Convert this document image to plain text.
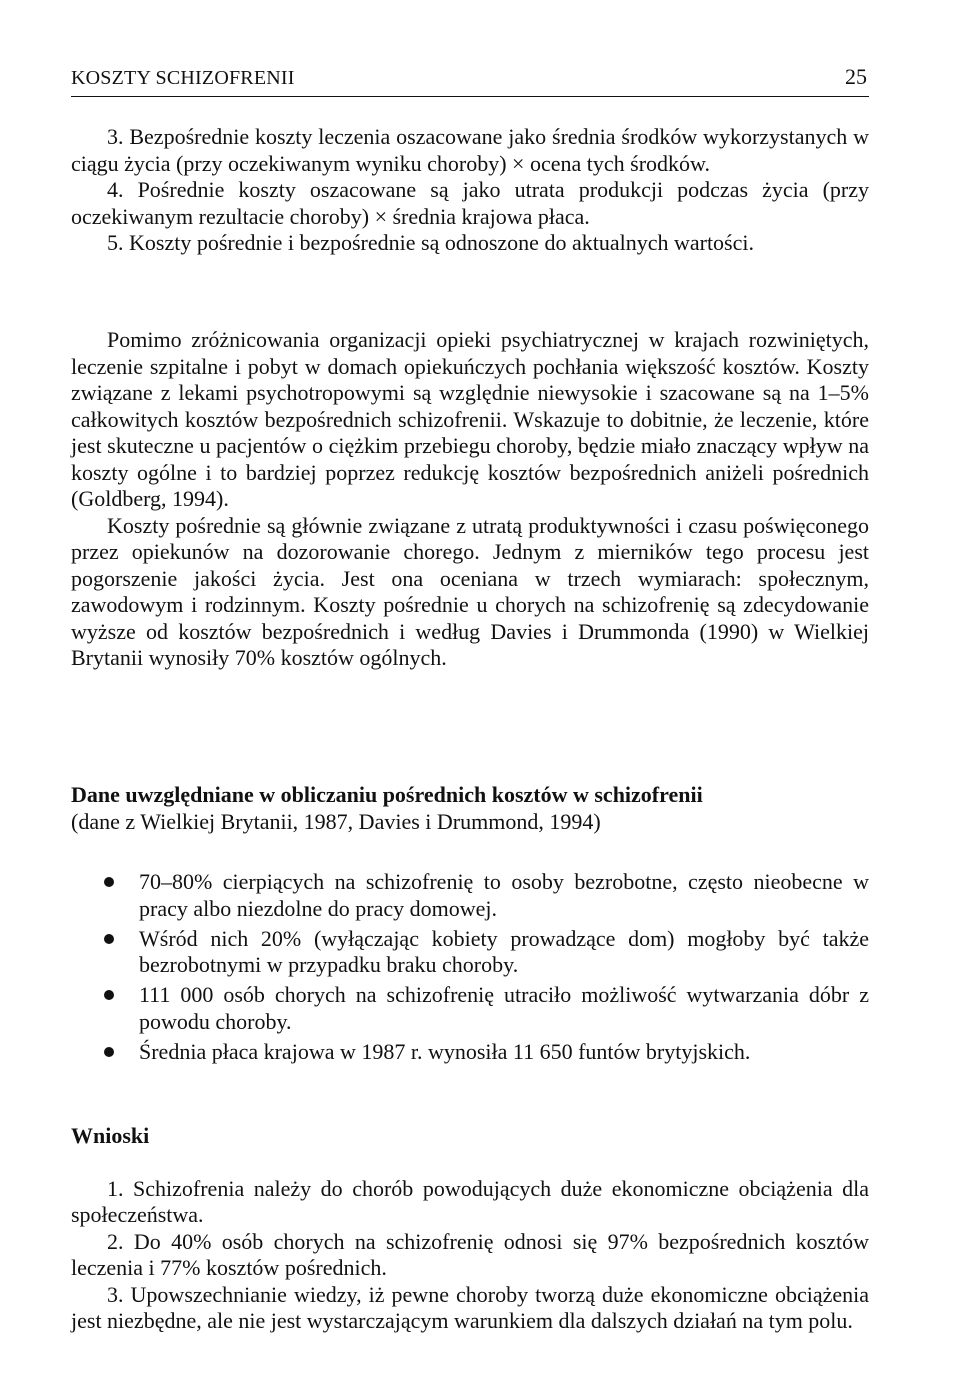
KOSZTY SCHIZOFRENII	25
3. Bezpośrednie koszty leczenia oszacowane jako średnia środków wykorzystanych w ciągu życia (przy oczekiwanym wyniku choroby) × ocena tych środków.
4. Pośrednie koszty oszacowane są jako utrata produkcji podczas życia (przy oczekiwanym rezultacie choroby) × średnia krajowa płaca.
5. Koszty pośrednie i bezpośrednie są odnoszone do aktualnych wartości.

Pomimo zróżnicowania organizacji opieki psychiatrycznej w krajach rozwiniętych, leczenie szpitalne i pobyt w domach opiekuńczych pochłania większość kosztów. Koszty związane z lekami psychotropowymi są względnie niewysokie i szacowane są na 1–5% całkowitych kosztów bezpośrednich schizofrenii. Wskazuje to dobitnie, że leczenie, które jest skuteczne u pacjentów o ciężkim przebiegu choroby, będzie miało znaczący wpływ na koszty ogólne i to bardziej poprzez redukcję kosztów bezpośrednich aniżeli pośrednich (Goldberg, 1994).

Koszty pośrednie są głównie związane z utratą produktywności i czasu poświęconego przez opiekunów na dozorowanie chorego. Jednym z mierników tego procesu jest pogorszenie jakości życia. Jest ona oceniana w trzech wymiarach: społecznym, zawodowym i rodzinnym. Koszty pośrednie u chorych na schizofrenię są zdecydowanie wyższe od kosztów bezpośrednich i według Davies i Drummonda (1990) w Wielkiej Brytanii wynosiły 70% kosztów ogólnych.

Dane uwzględniane w obliczaniu pośrednich kosztów w schizofrenii

(dane z Wielkiej Brytanii, 1987, Davies i Drummond, 1994)

70–80% cierpiących na schizofrenię to osoby bezrobotne, często nieobecne w pracy albo niezdolne do pracy domowej.
Wśród nich 20% (wyłączając kobiety prowadzące dom) mogłoby być także bezrobotnymi w przypadku braku choroby.
111 000 osób chorych na schizofrenię utraciło możliwość wytwarzania dóbr z powodu choroby.
Średnia płaca krajowa w 1987 r. wynosiła 11 650 funtów brytyjskich.

Wnioski

1. Schizofrenia należy do chorób powodujących duże ekonomiczne obciążenia dla społeczeństwa.
2. Do 40% osób chorych na schizofrenię odnosi się 97% bezpośrednich kosztów leczenia i 77% kosztów pośrednich.
3. Upowszechnianie wiedzy, iż pewne choroby tworzą duże ekonomiczne obciążenia jest niezbędne, ale nie jest wystarczającym warunkiem dla dalszych działań na tym polu.
